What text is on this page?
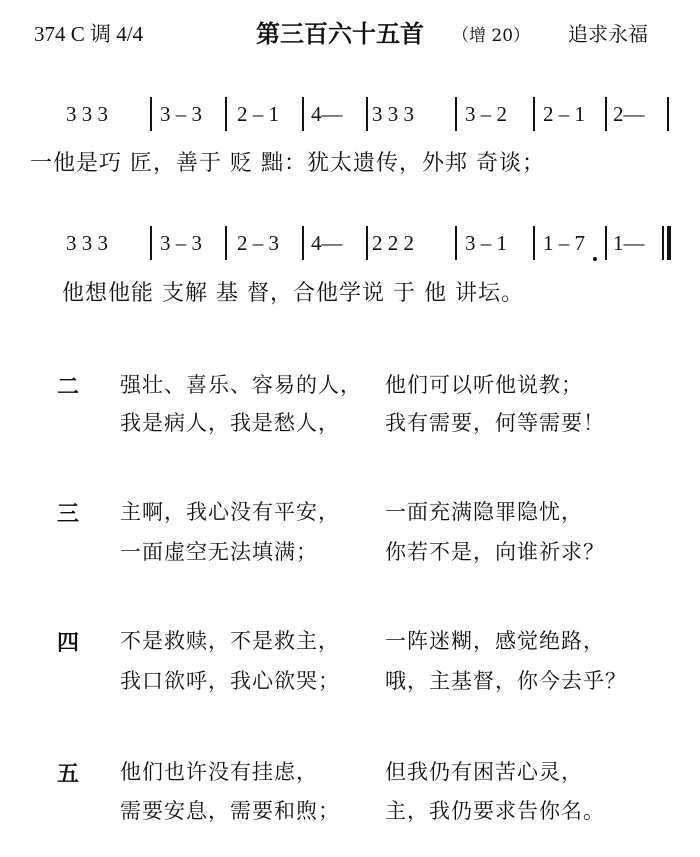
374 C 调 4/4	第三百六十五首 （增 20） 追求永福
3 3 3 3 – 3 2 – 1 4–– 3 3 3 3 – 2 2 – 1 2––
一他是巧 匠，善于 贬 黜：犹太遗传，外邦 奇谈；
3 3 3 3 – 3 2 – 3 4–– 2 2 2 3 – 1 1 – 7 1––
他想他能 支解 基 督，合他学说 于 他 讲坛。
二 强壮、喜乐、容易的人， 他们可以听他说教；
我是病人，我是愁人， 我有需要，何等需要！
三 主啊，我心没有平安， 一面充满隐罪隐忧，
一面虚空无法填满；	你若不是，向谁祈求？
四 不是救赎，不是救主， 一阵迷糊，感觉绝路，
我口欲呼，我心欲哭； 哦，主基督，你今去乎？
五 他们也许没有挂虑，	但我仍有困苦心灵，
需要安息，需要和煦； 主，我仍要求告你名。
